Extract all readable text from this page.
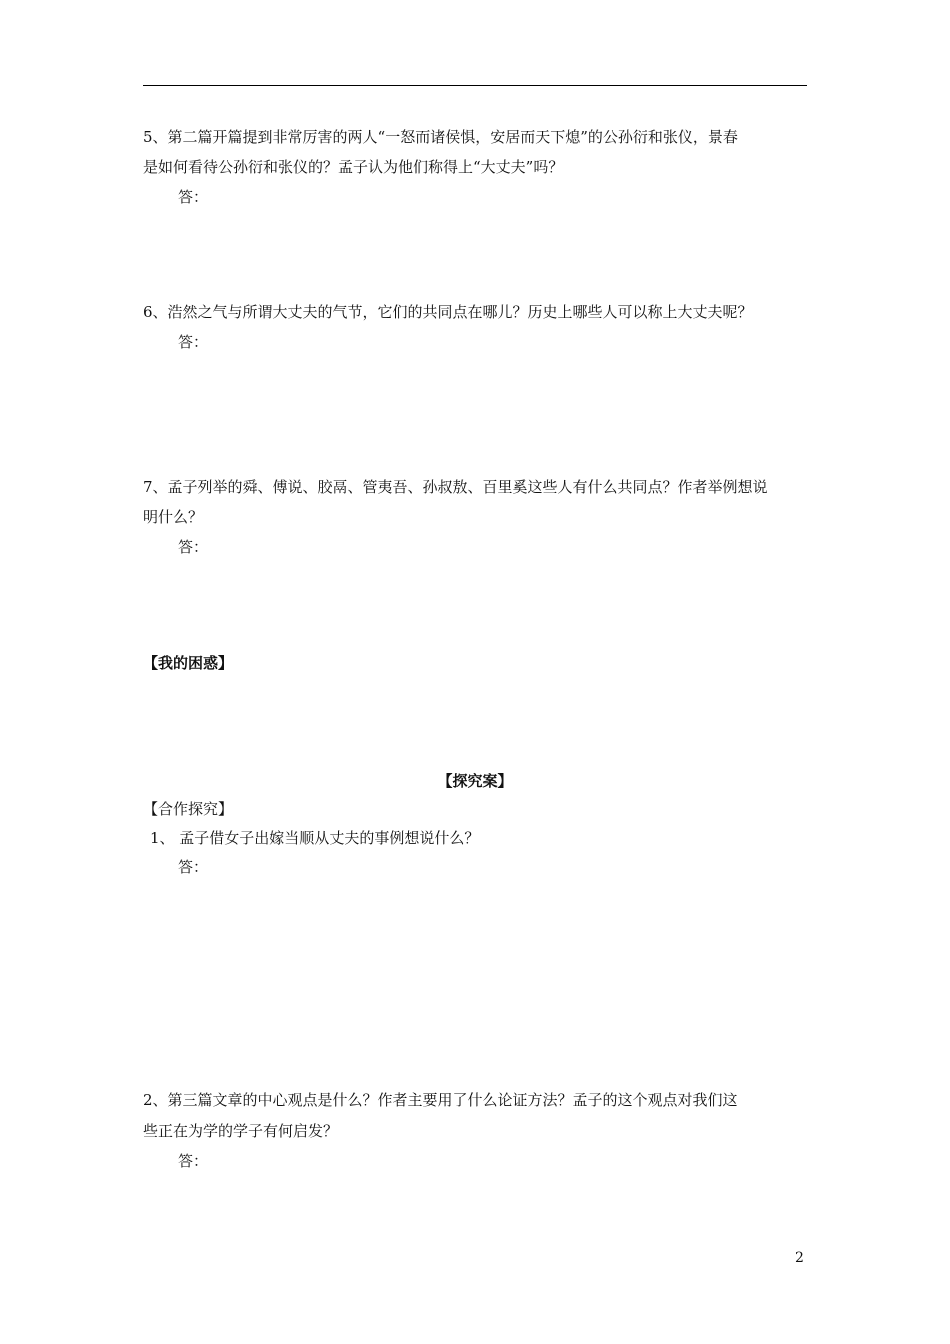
5、第二篇开篇提到非常厉害的两人“一怒而诸侯惧，安居而天下熄”的公孙衍和张仪，景春
是如何看待公孙衍和张仪的？孟子认为他们称得上“大丈夫”吗？
答：
6、浩然之气与所谓大丈夫的气节，它们的共同点在哪儿？历史上哪些人可以称上大丈夫呢？
答：
7、孟子列举的舜、傅说、胶鬲、管夷吾、孙叔敖、百里奚这些人有什么共同点？作者举例想说
明什么？
答：
【我的困惑】
【探究案】
【合作探究】
1、 孟子借女子出嫁当顺从丈夫的事例想说什么？
答：
2、第三篇文章的中心观点是什么？作者主要用了什么论证方法？孟子的这个观点对我们这
些正在为学的学子有何启发？
答：
2
